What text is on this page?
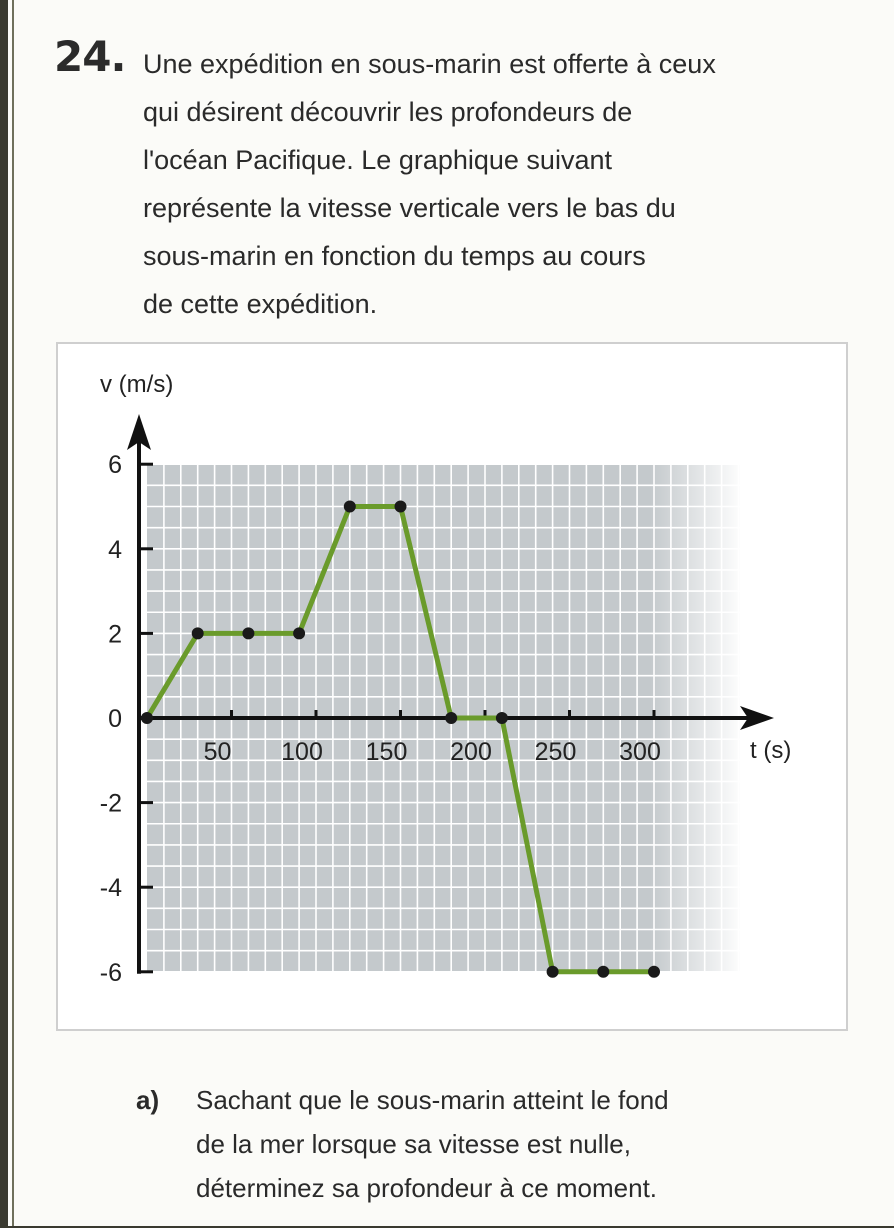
24. Une expédition en sous-marin est offerte à ceux
qui désirent découvrir les profondeurs de
l'océan Pacifique. Le graphique suivant
représente la vitesse verticale vers le bas du
sous-marin en fonction du temps au cours
de cette expédition.
50 100 150 200 250 300
6
4
2
0
-2
-4
-6
v (m/s)
t (s)
a) Sachant que le sous-marin atteint le fond
de la mer lorsque sa vitesse est nulle,
déterminez sa profondeur à ce moment.
